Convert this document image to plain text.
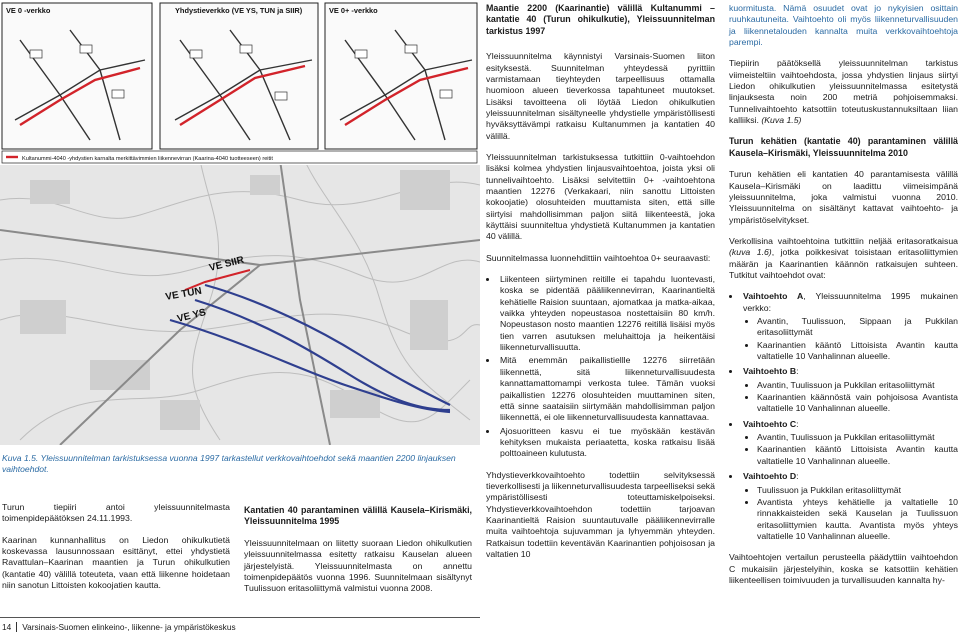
VE SIIR
VE TUN
VE YS
VE 0 -verkko	Yhdystieverkko (VE YS, TUN ja SIIR)	VE 0+ -verkko
Kultanummi-4040 -yhdystien karnalta merkittävimmien liikennevirran (Kaarina-4040 tuotteeseen) reitit
Kuva 1.5. Yleissuunnitelman tarkistuksessa vuonna 1997 tarkastellut verkkovaihtoehdot sekä maantien 2200 linjauksen vaihtoehdot.

Turun tiepiiri antoi yleissuunnitelmasta toimenpidepäätöksen 24.11.1993.

Kaarinan kunnanhallitus on Liedon ohikulkutietä koskevassa lausunnossaan esittänyt, ettei yhdystietä Ravattulan–Kaarinan maantien ja Turun ohikulkutien (kantatie 40) välillä toteuteta, vaan että liikenne hoidetaan niin sanotun Littoisten kokoojatien kautta.

Kantatien 40 parantaminen välillä Kausela–Kirismäki, Yleissuunnitelma 1995

Yleissuunnitelmaan on liitetty suoraan Liedon ohikulkutien yleissuunnitelmassa esitetty ratkaisu Kauselan alueen järjestelyistä. Yleissuunnitelmasta on annettu toimenpidepäätös vuonna 1996. Suunnitelmaan sisältynyt Tuulissuon eritasoliittymä valmistui vuonna 2008.

Maantie 2200 (Kaarinantie) välillä Kultanummi – kantatie 40 (Turun ohikulkutie), Yleissuunnitelman tarkistus 1997

Yleissuunnitelma käynnistyi Varsinais-Suomen liiton esityksestä. Suunnitelman yhteydessä pyrittiin varmistamaan tieyhteyden tarpeellisuus ottamalla huomioon alueen tieverkossa tapahtuneet muutokset. Lisäksi tavoitteena oli löytää Liedon ohikulkutien yleissuunnitelman sisältyneelle yhdystielle ympäristöllisesti hyväksyttävämpi ratkaisu Kultanummen ja kantatien 40 välillä.

Yleissuunnitelman tarkistuksessa tutkittiin 0-vaihtoehdon lisäksi kolmea yhdystien linjausvaihtoehtoa, joista yksi oli tunnelivaihtoehto. Lisäksi selvitettiin 0+ -vaihtoehtona maantien 12276 (Verkakaari, niin sanottu Littoisten kokoojatie) olosuhteiden muuttamista siten, että sille siirtyisi mahdollisimman paljon siitä liikenteestä, joka käyttäisi suunniteltua yhdystietä Kultanummen ja kantatien 40 välillä.

Suunnitelmassa luonnehdittiin vaihtoehtoa 0+ seuraavasti:

• Liikenteen siirtyminen reitille ei tapahdu luontevasti, koska se pidentää pääliikennevirran, Kaarinantieltä kehätielle Raision suuntaan, ajomatkaa ja matka-aikaa, vaikka yhteyden nopeustasoa nostettaisiin 80 km/h. Nopeustason nosto maantien 12276 reitillä lisäisi myös tien varren asutuksen meluhaittoja ja heikentäisi liikenneturvallisuutta.
• Mitä enemmän paikallistiellle 12276 siirretään liikennettä, sitä liikenneturvallisuudesta kannattamattomampi verkosta tulee. Tämän vuoksi paikallistien 12276 olosuhteiden muuttaminen siten, että sinne saataisiin siirtymään mahdollisimman paljon liikennettä, ei ole liikenneturvallisuudesta kannattavaa.
• Ajosuoritteen kasvu ei tue myöskään kestävän kehityksen mukaista periaatetta, koska ratkaisu lisää polttoaineen kulutusta.

Yhdystieverkkovaihtoehto todettiin selvityksessä tieverkollisesti ja liikenneturvallisuudesta tarpeelliseksi sekä ympäristöllisesti toteuttamiskelpoiseksi. Yhdystieverkkovaihtoehdon todettiin tarjoavan Kaarinantieltä Raision suuntautuvalle pääliikennevirralle muita vaihtoehtoja sujuvamman ja lyhyemmän yhteyden. Ratkaisun todettiin keventävän Kaarinantien pohjoisosan ja valtatien 10

kuormitusta. Nämä osuudet ovat jo nykyisien osittain ruuhkautuneita. Vaihtoehto oli myös liikenneturvallisuuden ja liikennetalouden kannalta muita verkkovaihtoehtoja parempi.

Tiepiirin päätöksellä yleissuunnitelman tarkistus viimeisteltiin vaihtoehdosta, jossa yhdystien linjaus siirtyi Liedon ohikulkutien yleissuunnitelmassa esitetystä linjauksesta noin 200 metriä pohjoisemmaksi. Tunnelivaihtoehto katsottiin toteutuskustannuksiltaan liian kalliiksi. (Kuva 1.5)

Turun kehätien (kantatie 40) parantaminen välillä Kausela–Kirismäki, Yleissuunnitelma 2010

Turun kehätien eli kantatien 40 parantamisesta välillä Kausela–Kirismäki on laadittu viimeisimpänä yleissuunnitelma, joka valmistui vuonna 2010. Yleissuunnitelma on sisältänyt kattavat vaihtoehto- ja ympäristöselvitykset.

Verkollisina vaihtoehtoina tutkittiin neljää eritasoratkaisua (kuva 1.6), jotka poikkesivat toisistaan eritasoliittymien määrän ja Kaarinantien käännön ratkaisujen suhteen. Tutkitut vaihtoehdot ovat:

• Vaihtoehto A, Yleissuunnitelma 1995 mukainen verkko:
• Avantin, Tuulissuon, Sippaan ja Pukkilan eritasoliittymät
• Kaarinantien kääntö Littoisista Avantin kautta valtatielle 10 Vanhalinnan alueelle.
• Vaihtoehto B:
• Avantin, Tuulissuon ja Pukkilan eritasoliittymät
• Kaarinantien käännöstä vain pohjoisosa Avantista valtatielle 10 Vanhalinnan alueelle.
• Vaihtoehto C:
• Avantin, Tuulissuon ja Pukkilan eritasoliittymät
• Kaarinantien kääntö Littoisista Avantin kautta valtatielle 10 Vanhalinnan alueelle.
• Vaihtoehto D:
• Tuulissuon ja Pukkilan eritasoliittymät
• Avantista yhteys kehätielle ja valtatielle 10 rinnakkaisteiden sekä Kauselan ja Tuulissuon eritasoliittymien kautta. Avantista myös yhteys valtatielle 10 Vanhalinnan alueelle.

Vaihtoehtojen vertailun perusteella päädyttiin vaihtoehdon C mukaisiin järjestelyihin, koska se katsottiin kehätien liikenteellisen toimivuuden ja turvallisuuden kannalta hy-

14 Varsinais-Suomen elinkeino-, liikenne- ja ympäristökeskus
